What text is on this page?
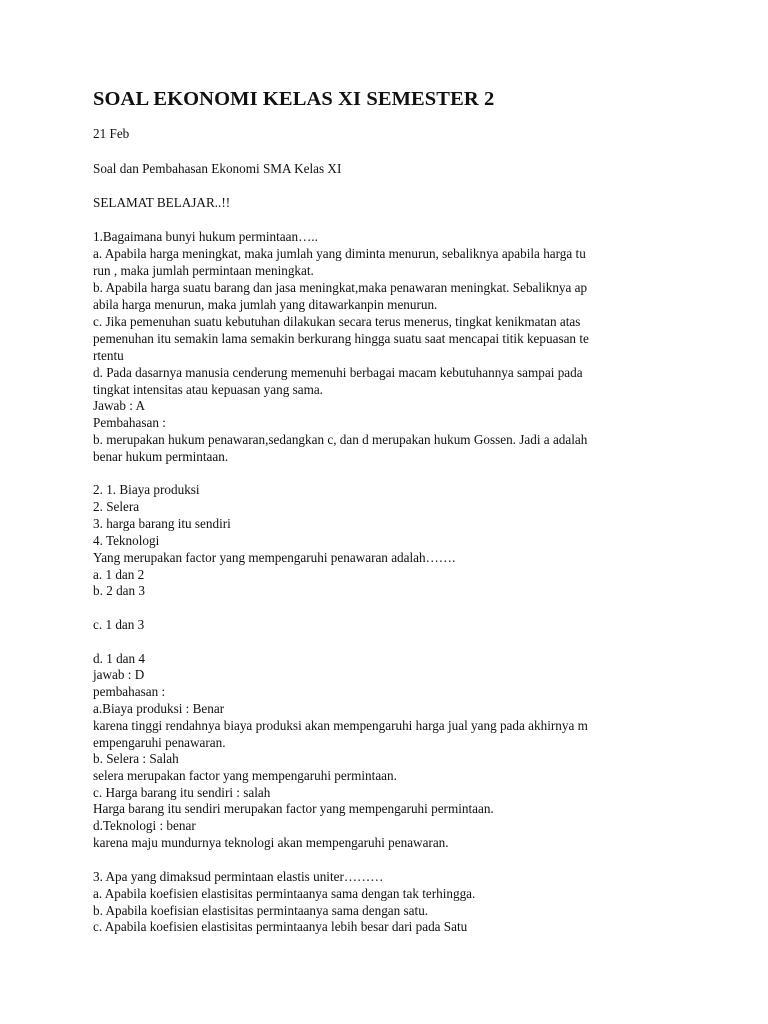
SOAL EKONOMI KELAS XI SEMESTER 2
21 Feb
Soal dan Pembahasan Ekonomi SMA Kelas XI
SELAMAT BELAJAR..!!
1.Bagaimana bunyi hukum permintaan…..
a. Apabila harga meningkat, maka jumlah yang diminta menurun, sebaliknya apabila harga tu
run , maka jumlah permintaan meningkat.
b. Apabila harga suatu barang dan jasa meningkat,maka penawaran meningkat. Sebaliknya ap
abila harga menurun, maka jumlah yang ditawarkanpin menurun.
c. Jika pemenuhan suatu kebutuhan dilakukan secara terus menerus, tingkat kenikmatan atas
pemenuhan itu semakin lama semakin berkurang hingga suatu saat mencapai titik kepuasan te
rtentu
d. Pada dasarnya manusia cenderung memenuhi berbagai macam kebutuhannya sampai pada
tingkat intensitas atau kepuasan yang sama.
Jawab : A
Pembahasan :
b. merupakan hukum penawaran,sedangkan c, dan d merupakan hukum Gossen. Jadi a adalah
benar hukum permintaan.
2. 1. Biaya produksi
2. Selera
3. harga barang itu sendiri
4. Teknologi
Yang merupakan factor yang mempengaruhi penawaran adalah…….
a. 1 dan 2
b. 2 dan 3
c. 1 dan 3
d. 1 dan 4
jawab : D
pembahasan :
a.Biaya produksi : Benar
karena tinggi rendahnya biaya produksi akan mempengaruhi harga jual yang pada akhirnya m
empengaruhi penawaran.
b. Selera : Salah
selera merupakan factor yang mempengaruhi permintaan.
c. Harga barang itu sendiri : salah
Harga barang itu sendiri merupakan factor yang mempengaruhi permintaan.
d.Teknologi : benar
karena maju mundurnya teknologi akan mempengaruhi penawaran.
3. Apa yang dimaksud permintaan elastis uniter………
a. Apabila koefisien elastisitas permintaanya sama dengan tak terhingga.
b. Apabila koefisian elastisitas permintaanya sama dengan satu.
c. Apabila koefisien elastisitas permintaanya lebih besar dari pada Satu
